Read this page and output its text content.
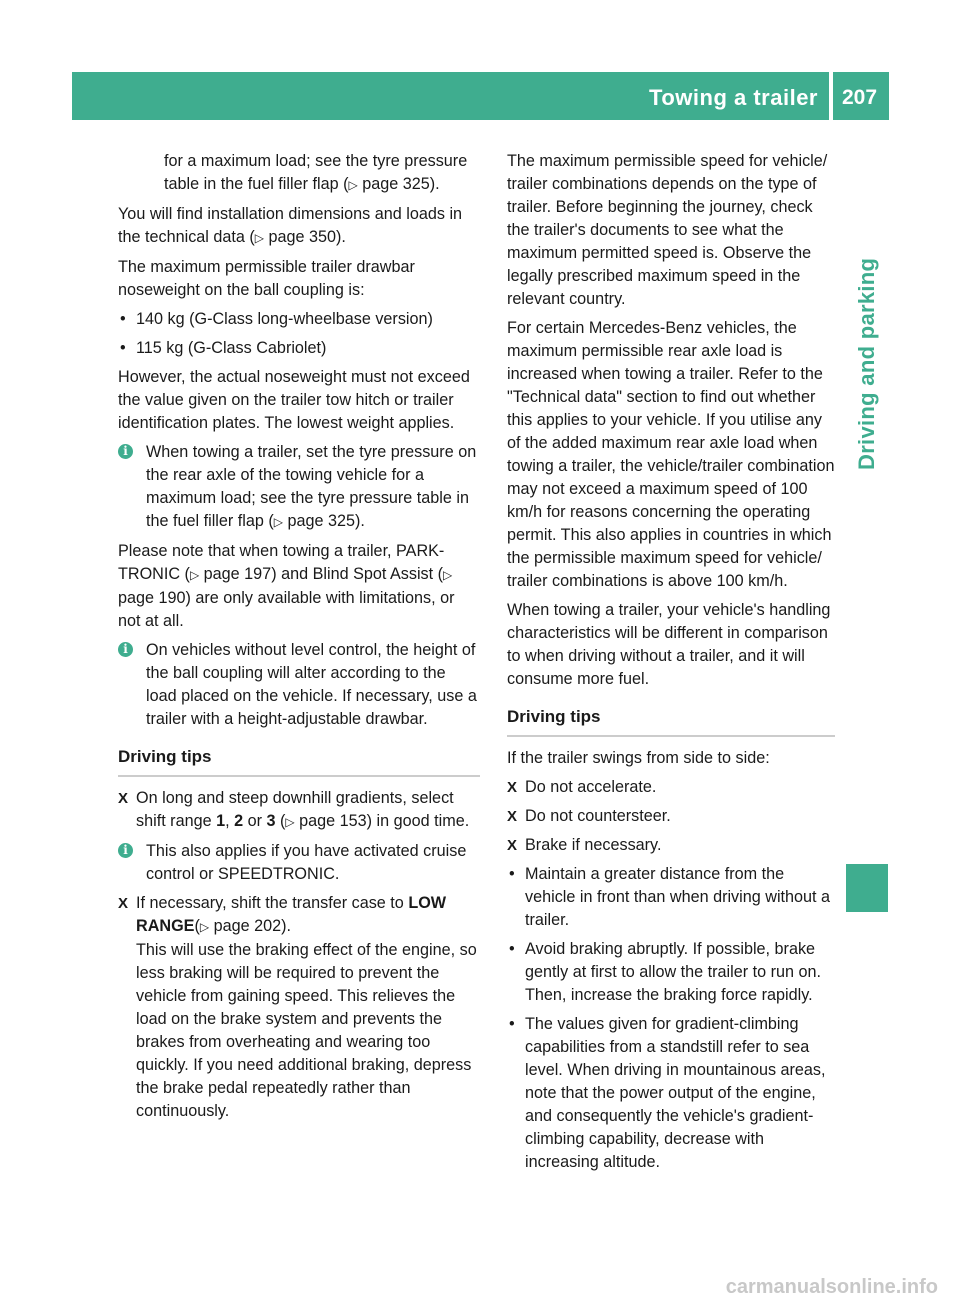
Towing a trailer 207
Driving and parking

for a maximum load; see the tyre pressure table in the fuel filler flap (▷ page 325).

You will find installation dimensions and loads in the technical data (▷ page 350).

The maximum permissible trailer drawbar noseweight on the ball coupling is:

• 140 kg (G-Class long-wheelbase version)
• 115 kg (G-Class Cabriolet)

However, the actual noseweight must not exceed the value given on the trailer tow hitch or trailer identification plates. The lowest weight applies.

i	When towing a trailer, set the tyre pressure on the rear axle of the towing vehicle for a maximum load; see the tyre pressure table in the fuel filler flap (▷ page 325).

Please note that when towing a trailer, PARK-TRONIC (▷ page 197) and Blind Spot Assist (▷ page 190) are only available with limitations, or not at all.

i	On vehicles without level control, the height of the ball coupling will alter according to the load placed on the vehicle. If necessary, use a trailer with a height-adjustable drawbar.
Driving tips
X On long and steep downhill gradients, select shift range 1, 2 or 3 (▷ page 153) in good time.
i	This also applies if you have activated cruise control or SPEEDTRONIC.
X If necessary, shift the transfer case to LOW RANGE(▷ page 202).
This will use the braking effect of the engine, so less braking will be required to prevent the vehicle from gaining speed. This relieves the load on the brake system and prevents the brakes from overheating and wearing too quickly. If you need additional braking, depress the brake pedal repeatedly rather than continuously.

The maximum permissible speed for vehicle/ trailer combinations depends on the type of trailer. Before beginning the journey, check the trailer's documents to see what the maximum permitted speed is. Observe the legally prescribed maximum speed in the relevant country.

For certain Mercedes-Benz vehicles, the maximum permissible rear axle load is increased when towing a trailer. Refer to the "Technical data" section to find out whether this applies to your vehicle. If you utilise any of the added maximum rear axle load when towing a trailer, the vehicle/trailer combination may not exceed a maximum speed of 100 km/h for reasons concerning the operating permit. This also applies in countries in which the permissible maximum speed for vehicle/ trailer combinations is above 100 km/h.

When towing a trailer, your vehicle's handling characteristics will be different in comparison to when driving without a trailer, and it will consume more fuel.

Driving tips

If the trailer swings from side to side:

X Do not accelerate.
X Do not countersteer.
X Brake if necessary.
• Maintain a greater distance from the vehicle in front than when driving without a trailer.
• Avoid braking abruptly. If possible, brake gently at first to allow the trailer to run on. Then, increase the braking force rapidly.
• The values given for gradient-climbing capabilities from a standstill refer to sea level. When driving in mountainous areas, note that the power output of the engine, and consequently the vehicle's gradient-climbing capability, decrease with increasing altitude.
carmanualsonline.info
